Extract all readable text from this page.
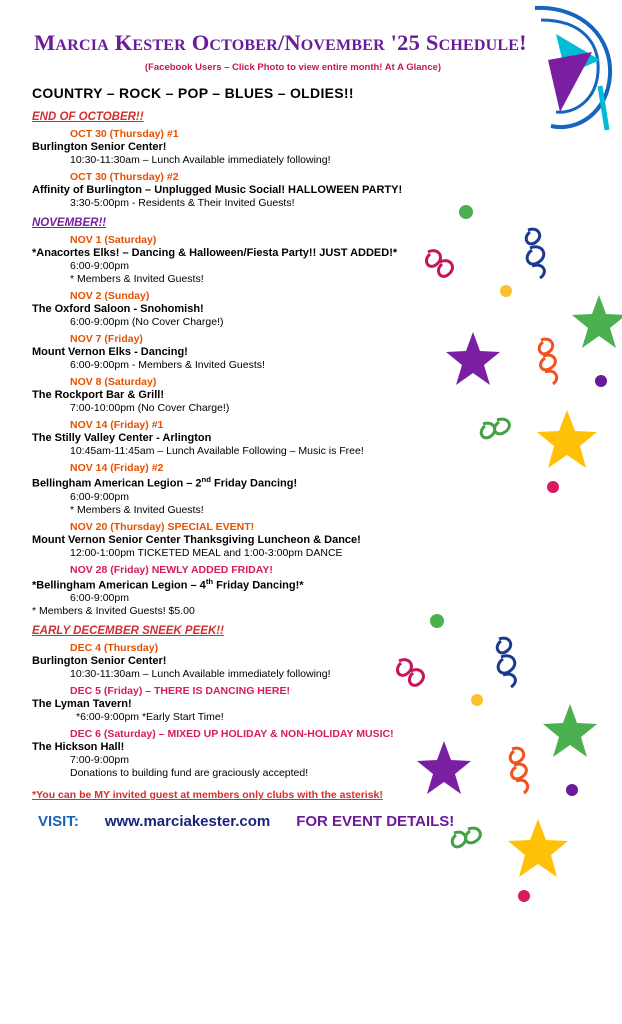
Marcia Kester October/November '25 Schedule!
(Facebook Users – Click Photo to view entire month! At A Glance)
COUNTRY – ROCK – POP – BLUES – OLDIES!!
END OF OCTOBER!!
OCT 30 (Thursday) #1
Burlington Senior Center!
10:30-11:30am – Lunch Available immediately following!
OCT 30 (Thursday) #2
Affinity of Burlington – Unplugged Music Social! HALLOWEEN PARTY!
3:30-5:00pm - Residents & Their Invited Guests!
NOVEMBER!!
NOV 1 (Saturday)
*Anacortes Elks! – Dancing & Halloween/Fiesta Party!! JUST ADDED!*
6:00-9:00pm
* Members & Invited Guests!
NOV 2 (Sunday)
The Oxford Saloon - Snohomish!
6:00-9:00pm (No Cover Charge!)
NOV 7 (Friday)
Mount Vernon Elks - Dancing!
6:00-9:00pm - Members & Invited Guests!
NOV 8 (Saturday)
The Rockport Bar & Grill!
7:00-10:00pm (No Cover Charge!)
NOV 14 (Friday) #1
The Stilly Valley Center - Arlington
10:45am-11:45am – Lunch Available Following – Music is Free!
NOV 14 (Friday) #2
Bellingham American Legion – 2nd Friday Dancing!
6:00-9:00pm
* Members & Invited Guests!
NOV 20 (Thursday) SPECIAL EVENT!
Mount Vernon Senior Center Thanksgiving Luncheon & Dance!
12:00-1:00pm TICKETED MEAL and 1:00-3:00pm DANCE
NOV 28 (Friday) NEWLY ADDED FRIDAY!
*Bellingham American Legion – 4th Friday Dancing!*
6:00-9:00pm
* Members & Invited Guests! $5.00
EARLY DECEMBER SNEEK PEEK!!
DEC 4 (Thursday)
Burlington Senior Center!
10:30-11:30am – Lunch Available immediately following!
DEC 5 (Friday) – THERE IS DANCING HERE!
The Lyman Tavern!
*6:00-9:00pm *Early Start Time!
DEC 6 (Saturday) – MIXED UP HOLIDAY & NON-HOLIDAY MUSIC!
The Hickson Hall!
7:00-9:00pm
Donations to building fund are graciously accepted!
*You can be MY invited guest at members only clubs with the asterisk!
VISIT: www.marciakester.com FOR EVENT DETAILS!
